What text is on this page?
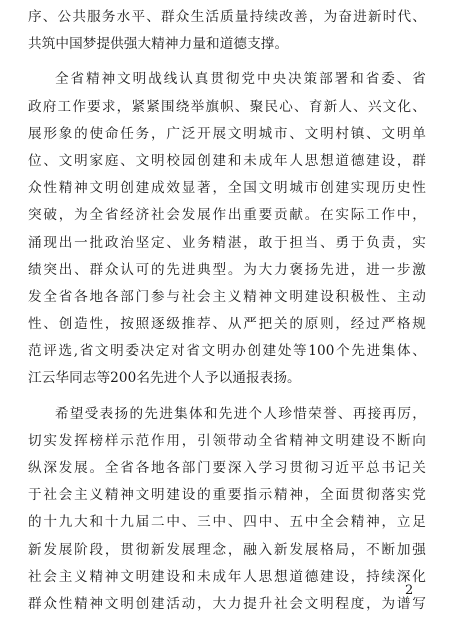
序、公共服务水平、群众生活质量持续改善，为奋进新时代、
共筑中国梦提供强大精神力量和道德支撑。
全省精神文明战线认真贯彻党中央决策部署和省委、省
政府工作要求，紧紧围绕举旗帜、聚民心、育新人、兴文化、
展形象的使命任务，广泛开展文明城市、文明村镇、文明单
位、文明家庭、文明校园创建和未成年人思想道德建设，群
众性精神文明创建成效显著，全国文明城市创建实现历史性
突破，为全省经济社会发展作出重要贡献。在实际工作中，
涌现出一批政治坚定、业务精湛，敢于担当、勇于负责，实
绩突出、群众认可的先进典型。为大力褒扬先进，进一步激
发全省各地各部门参与社会主义精神文明建设积极性、主动
性、创造性，按照逐级推荐、从严把关的原则，经过严格规
范评选,省文明委决定对省文明办创建处等100个先进集体、
江云华同志等200名先进个人予以通报表扬。
希望受表扬的先进集体和先进个人珍惜荣誉、再接再厉，
切实发挥榜样示范作用，引领带动全省精神文明建设不断向
纵深发展。全省各地各部门要深入学习贯彻习近平总书记关
于社会主义精神文明建设的重要指示精神，全面贯彻落实党
的十九大和十九届二中、三中、四中、五中全会精神，立足
新发展阶段，贯彻新发展理念，融入新发展格局，不断加强
社会主义精神文明建设和未成年人思想道德建设，持续深化
群众性精神文明创建活动，大力提升社会文明程度，为谱写
2
